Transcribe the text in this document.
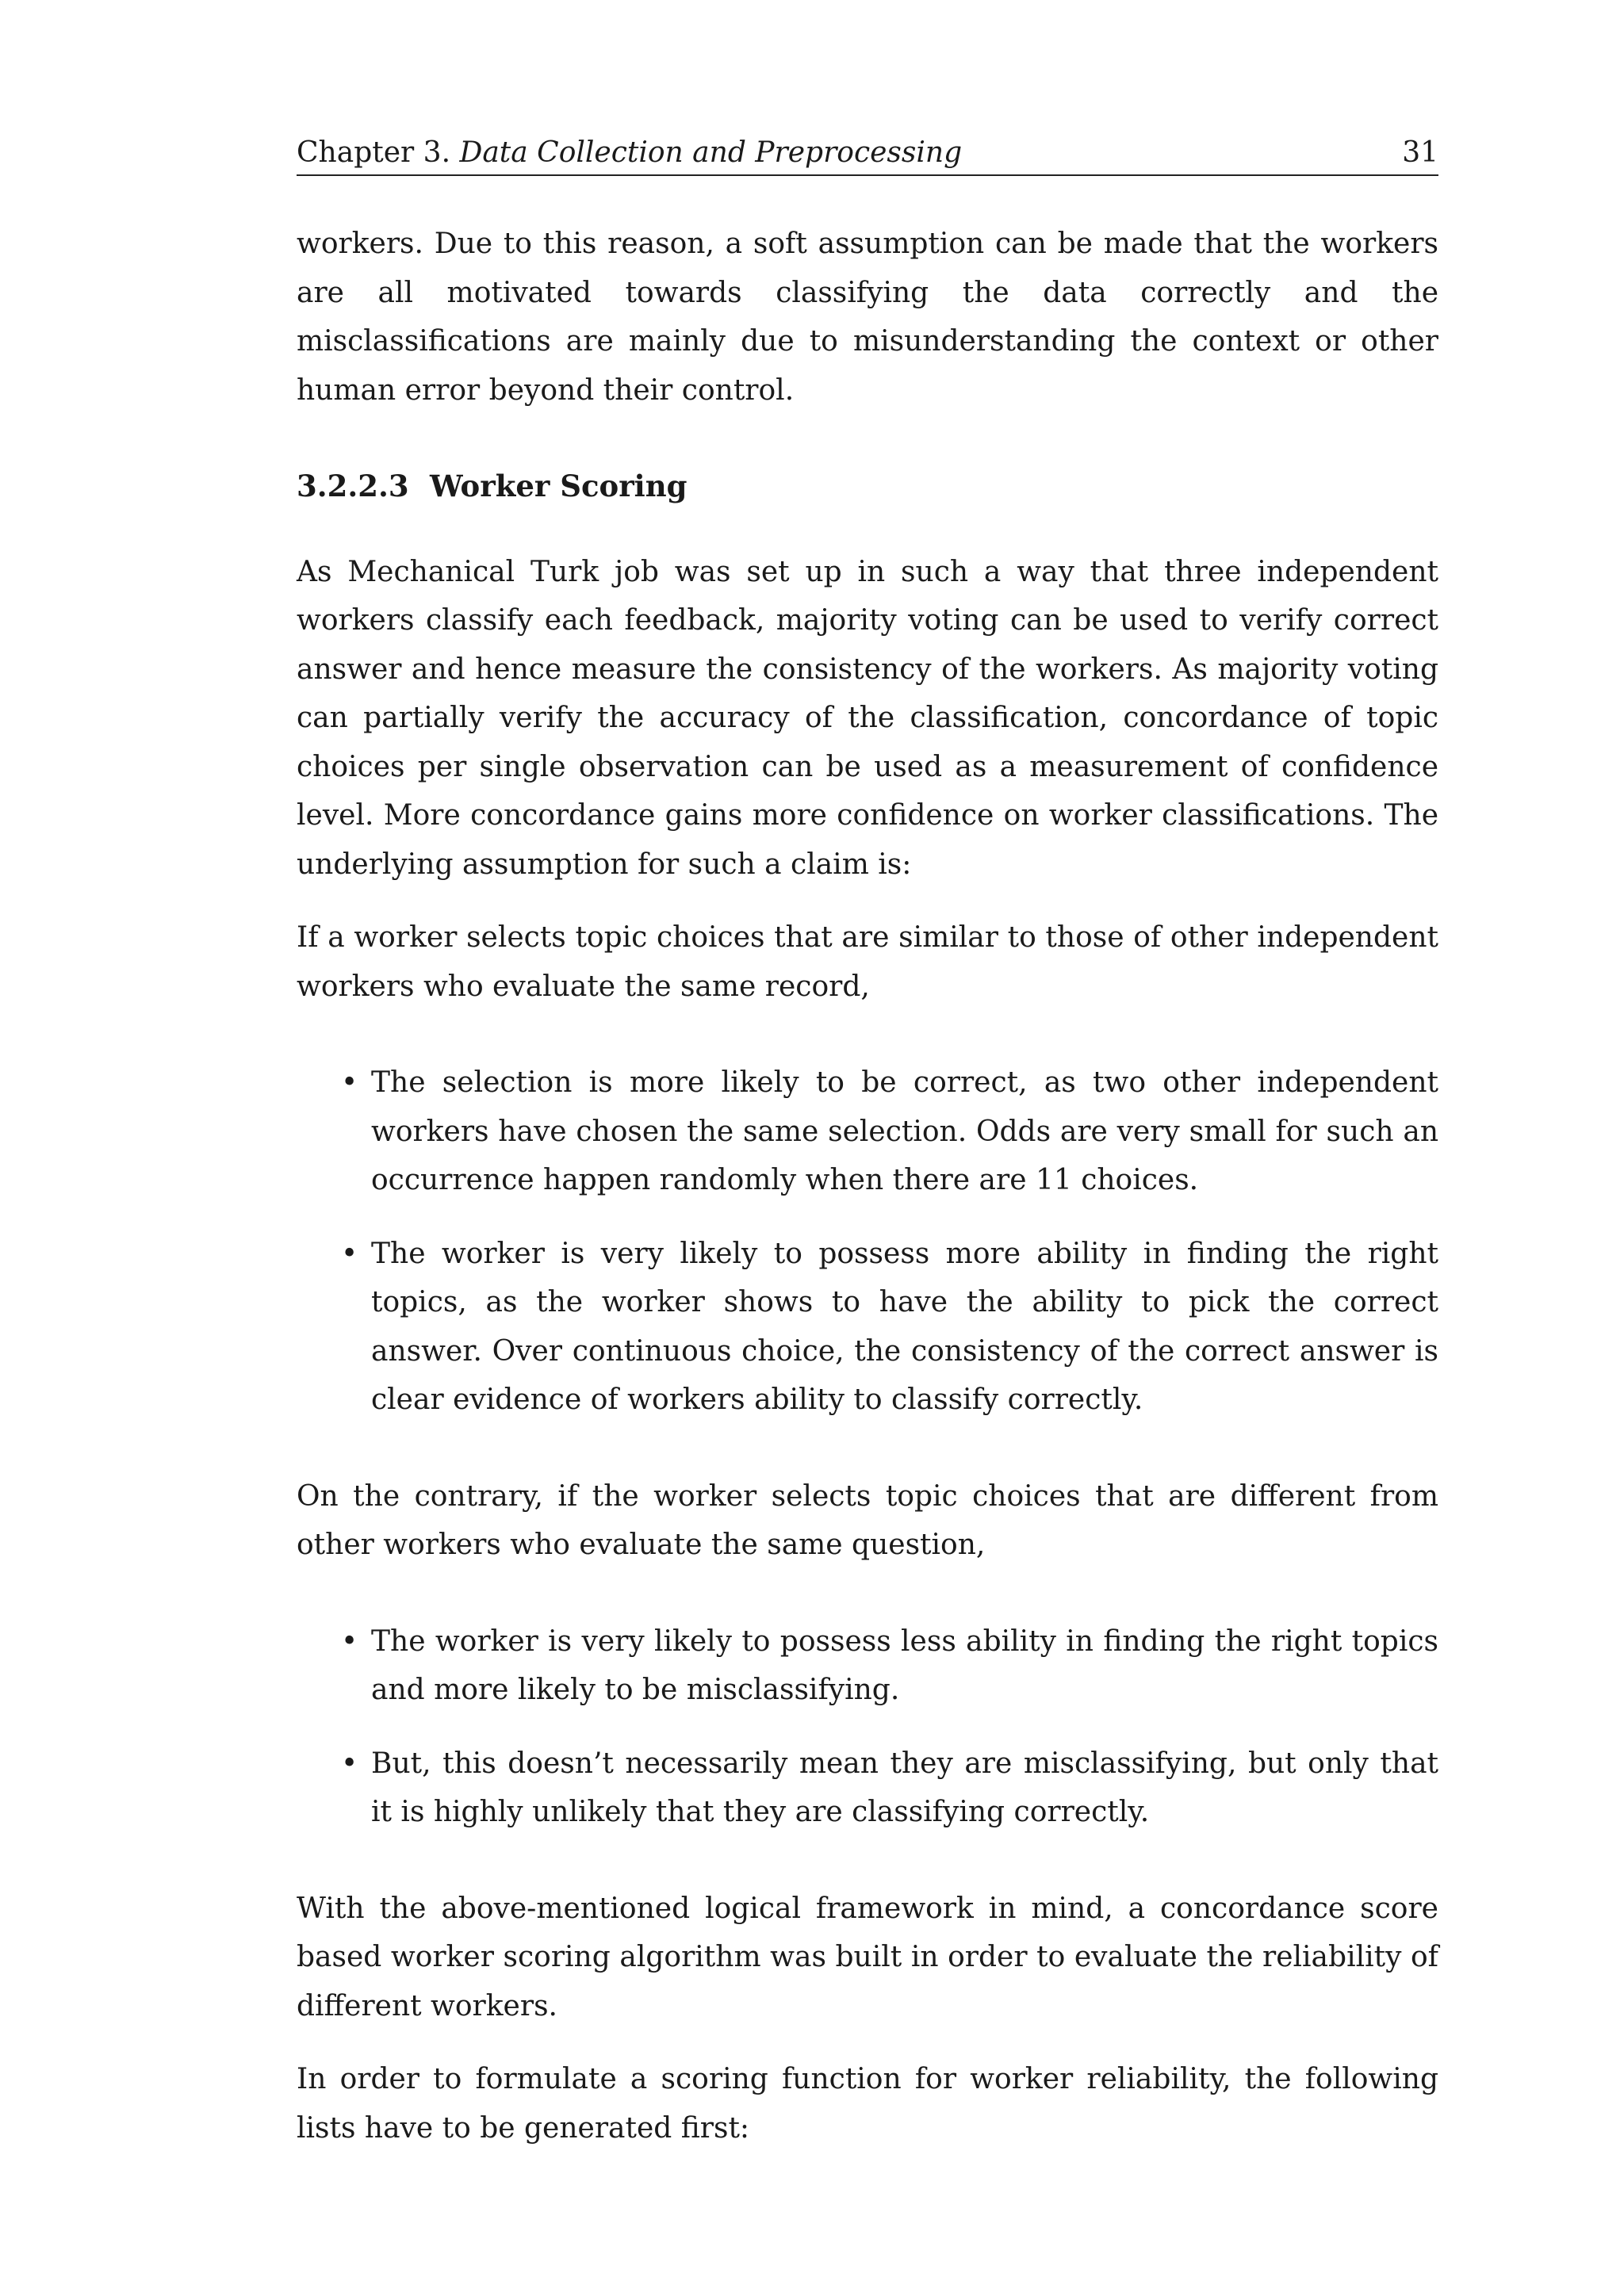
Chapter 3. Data Collection and Preprocessing	31

workers. Due to this reason, a soft assumption can be made that the workers are all motivated towards classifying the data correctly and the misclassifications are mainly due to misunderstanding the context or other human error beyond their control.

3.2.2.3 Worker Scoring

As Mechanical Turk job was set up in such a way that three independent workers classify each feedback, majority voting can be used to verify correct answer and hence measure the consistency of the workers. As majority voting can partially verify the accuracy of the classification, concordance of topic choices per single observation can be used as a measurement of confidence level. More concordance gains more confidence on worker classifications. The underlying assumption for such a claim is:

If a worker selects topic choices that are similar to those of other independent workers who evaluate the same record,

• The selection is more likely to be correct, as two other independent workers have chosen the same selection. Odds are very small for such an occurrence happen randomly when there are 11 choices.
• The worker is very likely to possess more ability in finding the right topics, as the worker shows to have the ability to pick the correct answer. Over continuous choice, the consistency of the correct answer is clear evidence of workers ability to classify correctly.

On the contrary, if the worker selects topic choices that are different from other workers who evaluate the same question,

• The worker is very likely to possess less ability in finding the right topics and more likely to be misclassifying.
• But, this doesn’t necessarily mean they are misclassifying, but only that it is highly unlikely that they are classifying correctly.

With the above-mentioned logical framework in mind, a concordance score based worker scoring algorithm was built in order to evaluate the reliability of different workers.

In order to formulate a scoring function for worker reliability, the following lists have to be generated first:
